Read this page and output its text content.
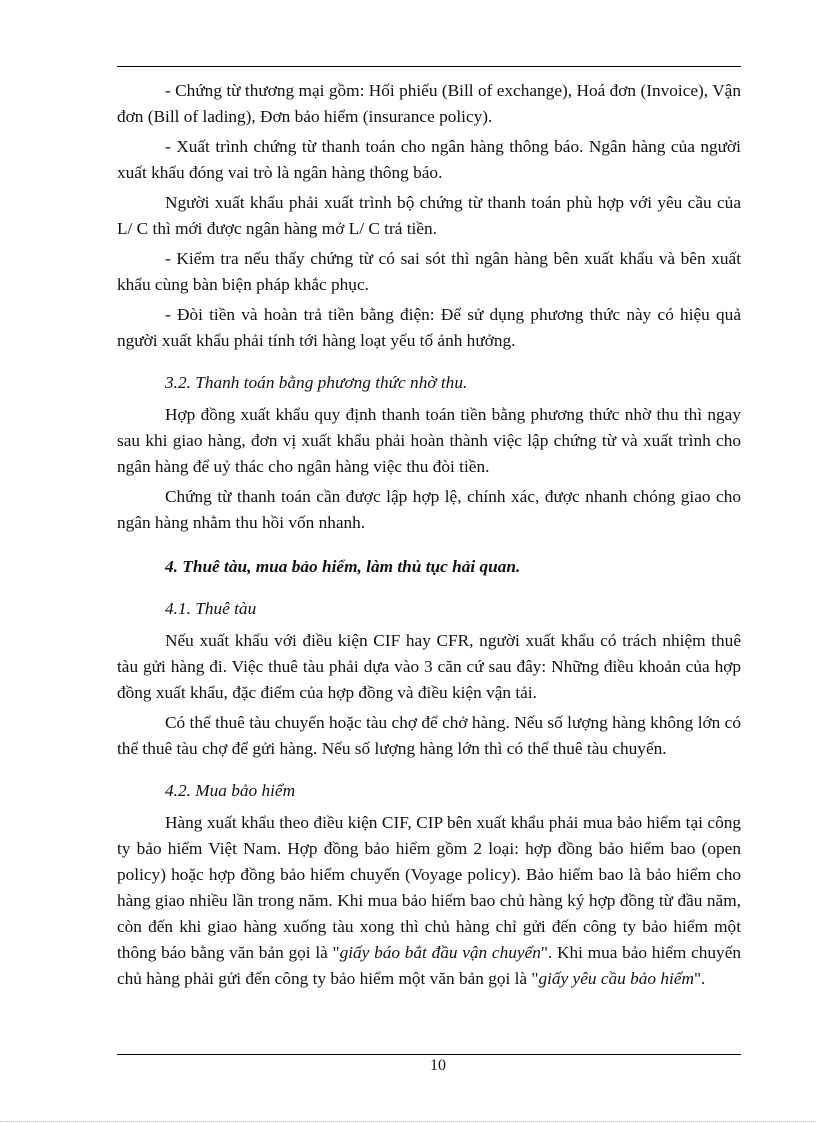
- Chứng từ thương mại gồm: Hối phiếu (Bill of exchange), Hoá đơn (Invoice), Vận đơn (Bill of lading), Đơn bảo hiểm (insurance policy).

- Xuất trình chứng từ thanh toán cho ngân hàng thông báo. Ngân hàng của người xuất khẩu đóng vai trò là ngân hàng thông báo.

Người xuất khẩu phải xuất trình bộ chứng từ thanh toán phù hợp với yêu cầu của L/ C thì mới được ngân hàng mở L/ C trả tiền.

- Kiểm tra nếu thấy chứng từ có sai sót thì ngân hàng bên xuất khẩu và bên xuất khẩu cùng bàn biện pháp khắc phục.

- Đòi tiền và hoàn trả tiền bằng điện: Để sử dụng phương thức này có hiệu quả người xuất khẩu phải tính tới hàng loạt yếu tố ảnh hưởng.

3.2. Thanh toán bằng phương thức nhờ thu.

Hợp đồng xuất khẩu quy định thanh toán tiền bằng phương thức nhờ thu thì ngay sau khi giao hàng, đơn vị xuất khẩu phải hoàn thành việc lập chứng từ và xuất trình cho ngân hàng để uỷ thác cho ngân hàng việc thu đòi tiền.

Chứng từ thanh toán cần được lập hợp lệ, chính xác, được nhanh chóng giao cho ngân hàng nhằm thu hồi vốn nhanh.

4. Thuê tàu, mua bảo hiểm, làm thủ tục hải quan.

4.1. Thuê tàu

Nếu xuất khẩu với điều kiện CIF hay CFR, người xuất khẩu có trách nhiệm thuê tàu gửi hàng đi. Việc thuê tàu phải dựa vào 3 căn cứ sau đây: Những điều khoản của hợp đồng xuất khẩu, đặc điểm của hợp đồng và điều kiện vận tải.

Có thể thuê tàu chuyến hoặc tàu chợ để chở hàng. Nếu số lượng hàng không lớn có thể thuê tàu chợ để gửi hàng. Nếu số lượng hàng lớn thì có thể thuê tàu chuyến.

4.2. Mua bảo hiểm

Hàng xuất khẩu theo điều kiện CIF, CIP bên xuất khẩu phải mua bảo hiểm tại công ty bảo hiểm Việt Nam. Hợp đồng bảo hiểm gồm 2 loại: hợp đồng bảo hiểm bao (open policy) hoặc hợp đồng bảo hiểm chuyến (Voyage policy). Bảo hiểm bao là bảo hiểm cho hàng giao nhiều lần trong năm. Khi mua bảo hiểm bao chủ hàng ký hợp đồng từ đầu năm, còn đến khi giao hàng xuống tàu xong thì chủ hàng chỉ gửi đến công ty bảo hiểm một thông báo bằng văn bản gọi là "giấy báo bắt đầu vận chuyển". Khi mua bảo hiểm chuyến chủ hàng phải gửi đến công ty bảo hiểm một văn bản gọi là "giấy yêu cầu bảo hiểm".

10
